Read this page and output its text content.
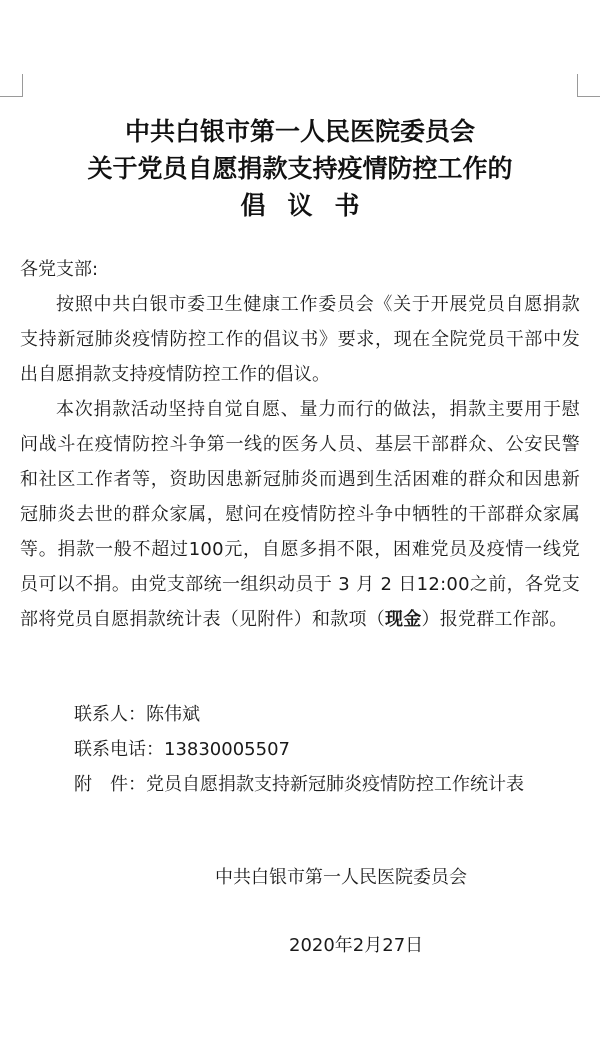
中共白银市第一人民医院委员会
关于党员自愿捐款支持疫情防控工作的
倡议书
各党支部:
按照中共白银市委卫生健康工作委员会《关于开展党员自愿捐款支持新冠肺炎疫情防控工作的倡议书》要求，现在全院党员干部中发出自愿捐款支持疫情防控工作的倡议。
本次捐款活动坚持自觉自愿、量力而行的做法，捐款主要用于慰问战斗在疫情防控斗争第一线的医务人员、基层干部群众、公安民警和社区工作者等，资助因患新冠肺炎而遇到生活困难的群众和因患新冠肺炎去世的群众家属，慰问在疫情防控斗争中牺牲的干部群众家属等。捐款一般不超过100元，自愿多捐不限，困难党员及疫情一线党员可以不捐。由党支部统一组织动员于 3 月 2 日12:00之前，各党支部将党员自愿捐款统计表（见附件）和款项（现金）报党群工作部。
联系人：陈伟斌
联系电话：13830005507
附　件：党员自愿捐款支持新冠肺炎疫情防控工作统计表
中共白银市第一人民医院委员会
2020年2月27日
